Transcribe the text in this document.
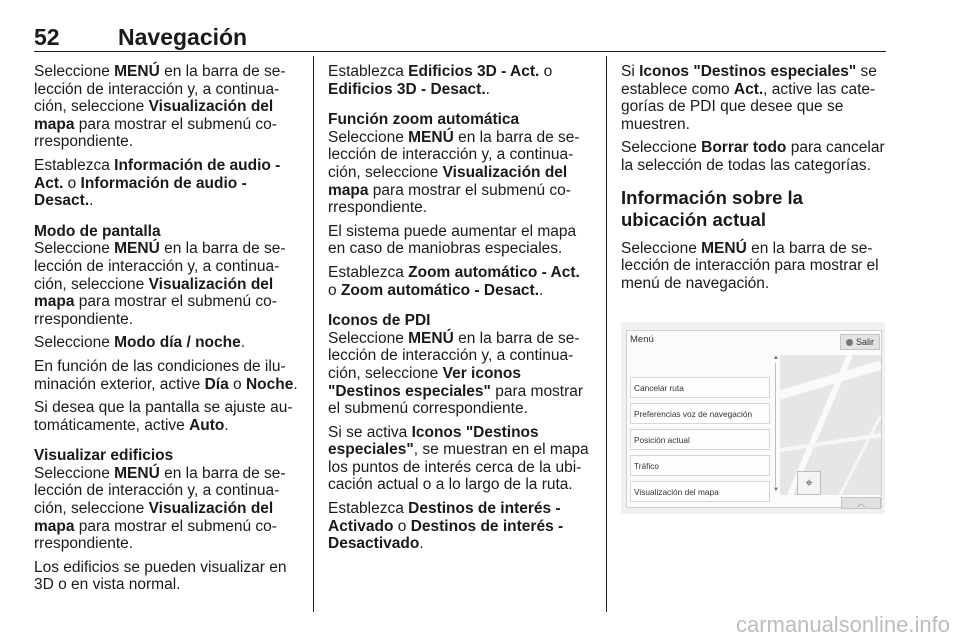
52	Navegación

Seleccione MENÚ en la barra de se-lección de interacción y, a continua-ción, seleccione Visualización del mapa para mostrar el submenú co-rrespondiente.

Establezca Información de audio - Act. o Información de audio - Desact..

Modo de pantalla

Seleccione MENÚ en la barra de se-lección de interacción y, a continua-ción, seleccione Visualización del mapa para mostrar el submenú co-rrespondiente.

Seleccione Modo día / noche.

En función de las condiciones de ilu-minación exterior, active Día o Noche.

Si desea que la pantalla se ajuste au-tomáticamente, active Auto.

Visualizar edificios

Seleccione MENÚ en la barra de se-lección de interacción y, a continua-ción, seleccione Visualización del mapa para mostrar el submenú co-rrespondiente.

Los edificios se pueden visualizar en 3D o en vista normal.

Establezca Edificios 3D - Act. o Edificios 3D - Desact..

Función zoom automática

Seleccione MENÚ en la barra de se-lección de interacción y, a continua-ción, seleccione Visualización del mapa para mostrar el submenú co-rrespondiente.

El sistema puede aumentar el mapa en caso de maniobras especiales.

Establezca Zoom automático - Act. o Zoom automático - Desact..

Iconos de PDI

Seleccione MENÚ en la barra de se-lección de interacción y, a continua-ción, seleccione Ver iconos "Destinos especiales" para mostrar el submenú correspondiente.

Si se activa Iconos "Destinos especiales", se muestran en el mapa los puntos de interés cerca de la ubi-cación actual o a lo largo de la ruta.

Establezca Destinos de interés - Activado o Destinos de interés - Desactivado.

Si Iconos "Destinos especiales" se establece como Act., active las cate-gorías de PDI que desee que se muestren.

Seleccione Borrar todo para cancelar la selección de todas las categorías.

Información sobre la ubicación actual

Seleccione MENÚ en la barra de se-lección de interacción para mostrar el menú de navegación.

Menú	Salir
Cancelar ruta
Preferencias voz de navegación
Posición actual
Tráfico
Visualización del mapa
▲
▼ ⌖
︿
carmanualsonline.info
